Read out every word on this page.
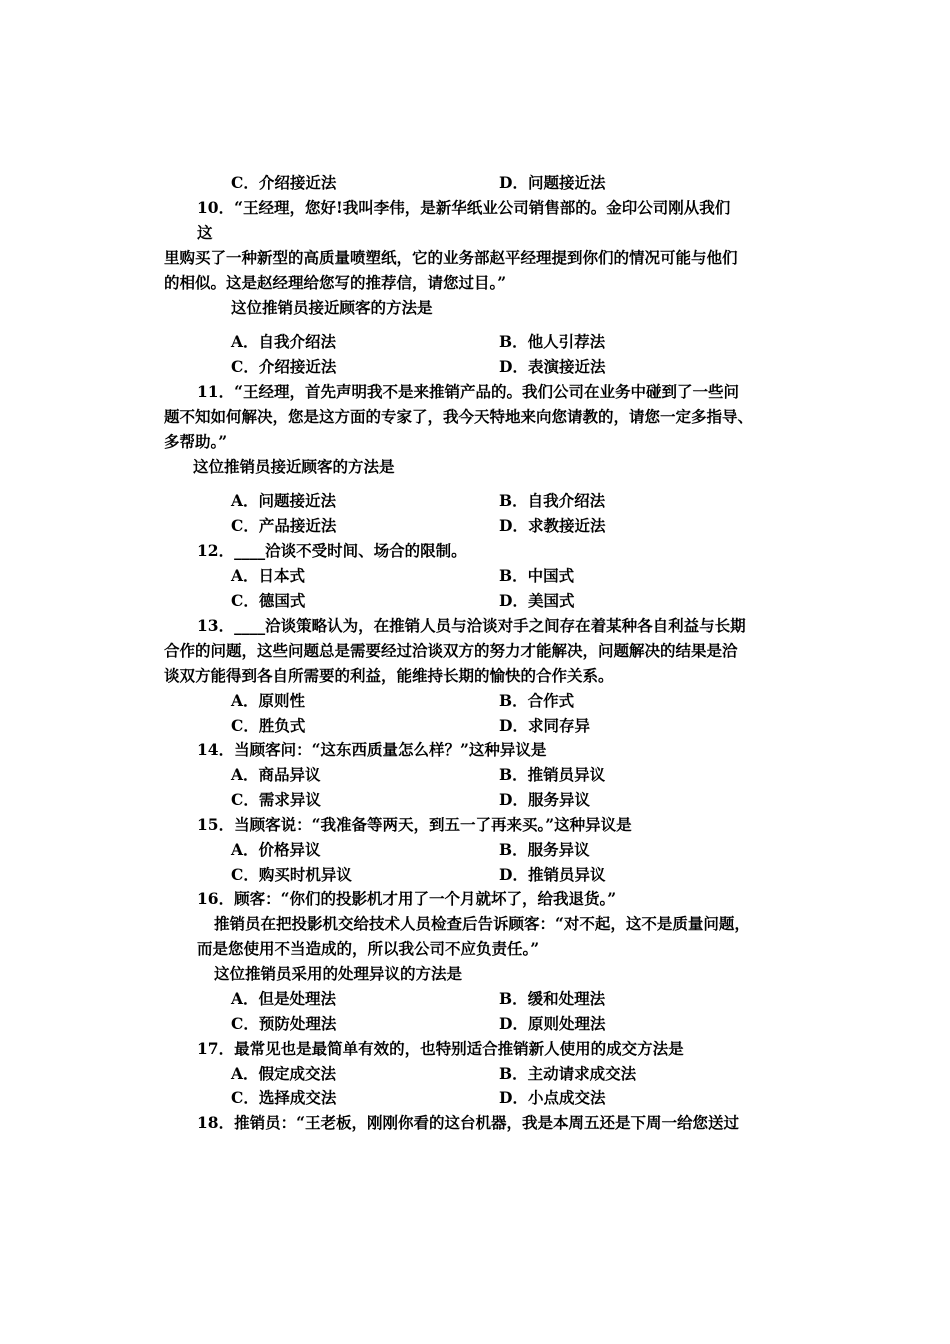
C．介绍接近法	D．问题接近法
10．“王经理，您好!我叫李伟，是新华纸业公司销售部的。金印公司刚从我们
这
里购买了一种新型的高质量喷塑纸，它的业务部赵平经理提到你们的情况可能与他们
的相似。这是赵经理给您写的推荐信，请您过目。”
这位推销员接近顾客的方法是
A．自我介绍法	B．他人引荐法
C．介绍接近法	D．表演接近法
11．“王经理，首先声明我不是来推销产品的。我们公司在业务中碰到了一些问
题不知如何解决，您是这方面的专家了，我今天特地来向您请教的，请您一定多指导、
多帮助。”
这位推销员接近顾客的方法是
A．问题接近法	B．自我介绍法
C．产品接近法	D．求教接近法
12．____洽谈不受时间、场合的限制。
A．日本式	B．中国式
C．德国式	D．美国式
13．____洽谈策略认为，在推销人员与洽谈对手之间存在着某种各自利益与长期
合作的问题，这些问题总是需要经过洽谈双方的努力才能解决，问题解决的结果是洽
谈双方能得到各自所需要的利益，能维持长期的愉快的合作关系。
A．原则性	B．合作式
C．胜负式	D．求同存异
14．当顾客问：“这东西质量怎么样？”这种异议是
A．商品异议	B．推销员异议
C．需求异议	D．服务异议
15．当顾客说：“我准备等两天，到五一了再来买。”这种异议是
A．价格异议	B．服务异议
C．购买时机异议	D．推销员异议
16．顾客：“你们的投影机才用了一个月就坏了，给我退货。”
推销员在把投影机交给技术人员检查后告诉顾客：“对不起，这不是质量问题，
而是您使用不当造成的，所以我公司不应负责任。”
这位推销员采用的处理异议的方法是
A．但是处理法	B．缓和处理法
C．预防处理法	D．原则处理法
17．最常见也是最简单有效的，也特别适合推销新人使用的成交方法是
A．假定成交法	B．主动请求成交法
C．选择成交法	D．小点成交法
18．推销员：“王老板，刚刚你看的这台机器，我是本周五还是下周一给您送过
